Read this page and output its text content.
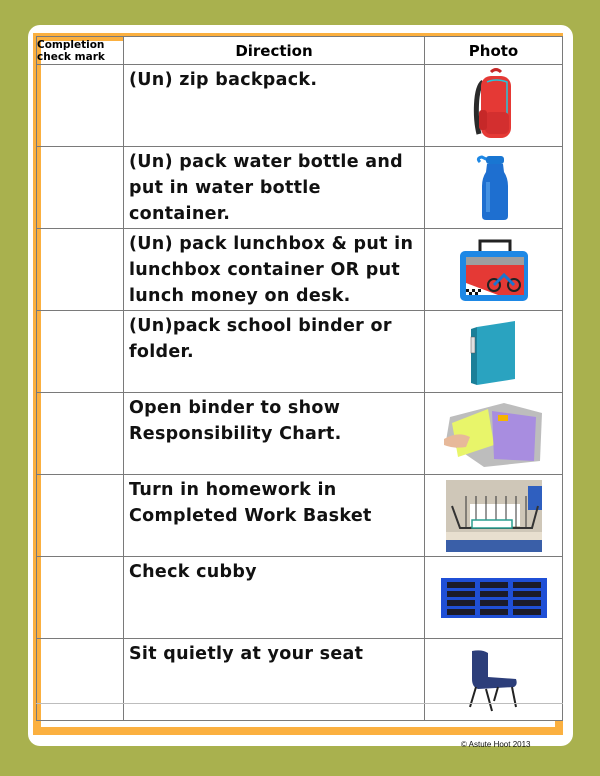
Completion check mark	Direction	Photo
	(Un) zip backpack.	

	(Un) pack water bottle and put in water bottle container.	

	(Un) pack lunchbox & put in lunchbox container OR put lunch money on desk.	

	(Un)pack school binder or folder.	

	Open binder to show Responsibility Chart.	

	Turn in homework in Completed Work Basket	

	Check cubby	

	Sit quietly at your seat	
© Astute Hoot 2013
